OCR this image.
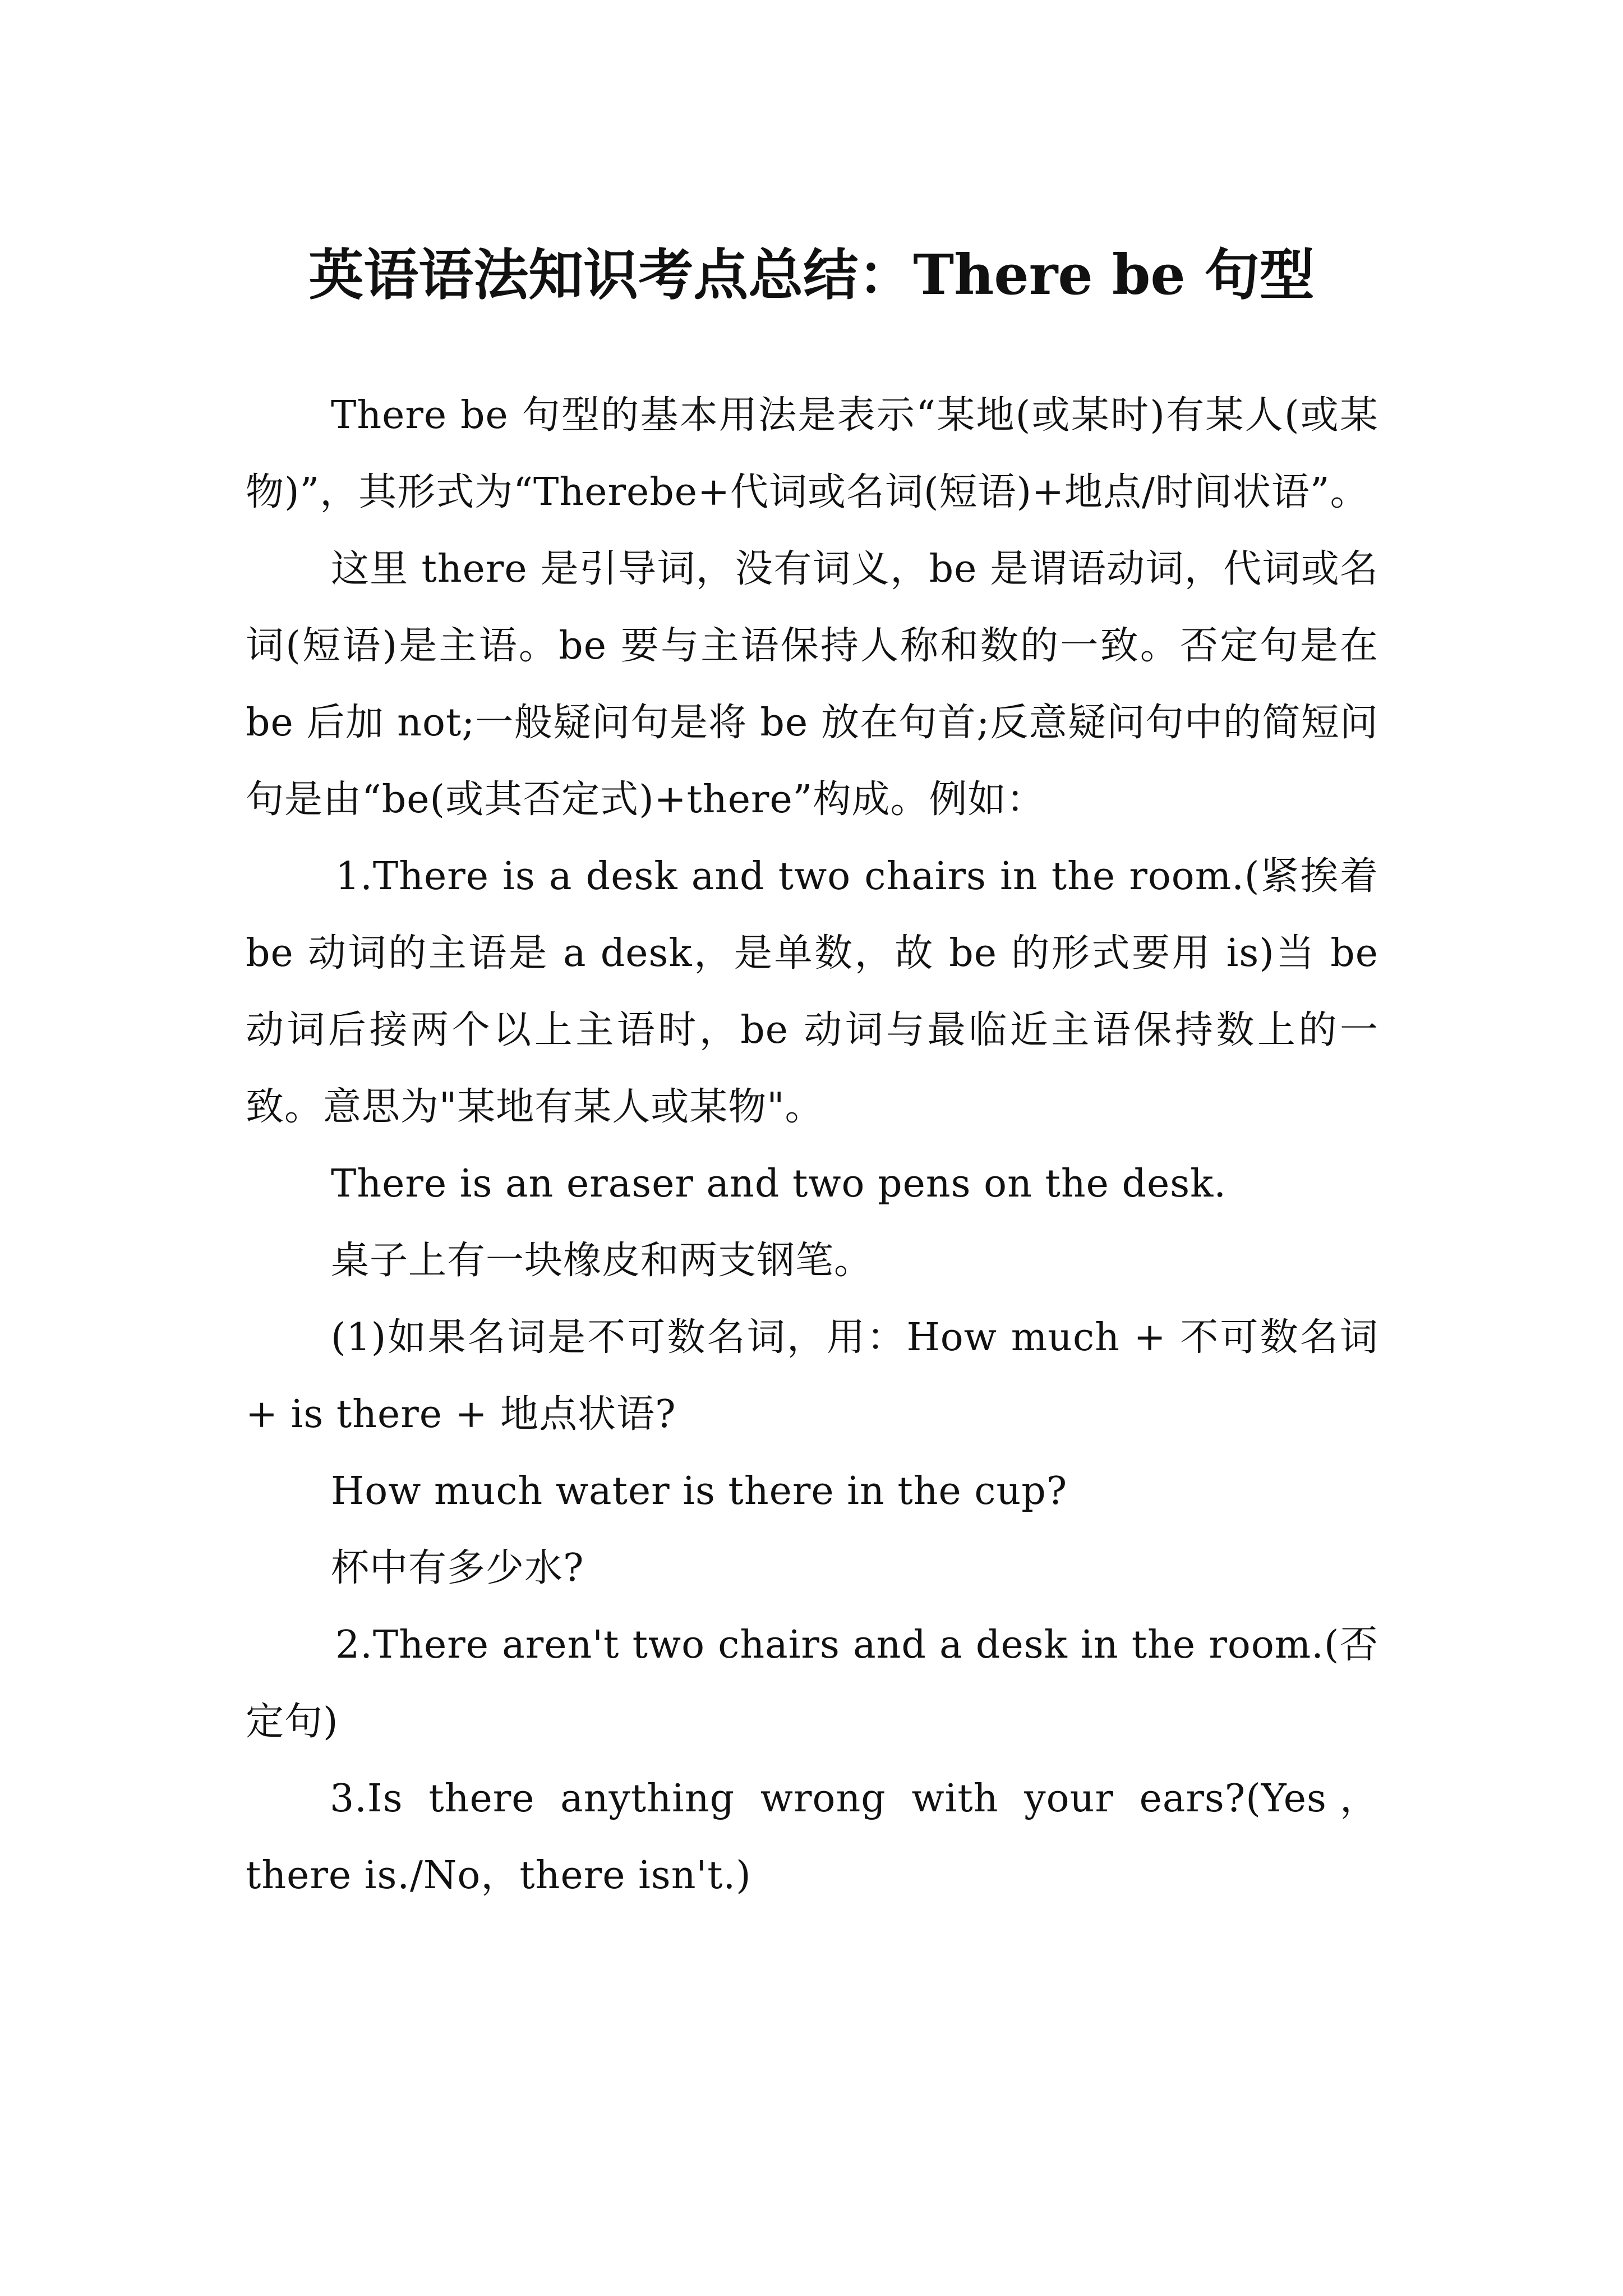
英语语法知识考点总结：There be 句型

There be 句型的基本用法是表示“某地(或某时)有某人(或某物)”，其形式为“Therebe+代词或名词(短语)+地点/时间状语”。

这里 there 是引导词，没有词义，be 是谓语动词，代词或名词(短语)是主语。be 要与主语保持人称和数的一致。否定句是在 be 后加 not;一般疑问句是将 be 放在句首;反意疑问句中的简短问句是由“be(或其否定式)+there”构成。例如：

1.There is a desk and two chairs in the room.(紧挨着 be 动词的主语是 a desk，是单数，故 be 的形式要用 is)当 be 动词后接两个以上主语时，be 动词与最临近主语保持数上的一致。意思为"某地有某人或某物"。

There is an eraser and two pens on the desk.

桌子上有一块橡皮和两支钢笔。

(1)如果名词是不可数名词，用：How much + 不可数名词 + is there + 地点状语?

How much water is there in the cup?

杯中有多少水?

2.There aren't two chairs and a desk in the room.(否定句)

3.Is there anything wrong with your ears?(Yes，there is./No，there isn't.)
